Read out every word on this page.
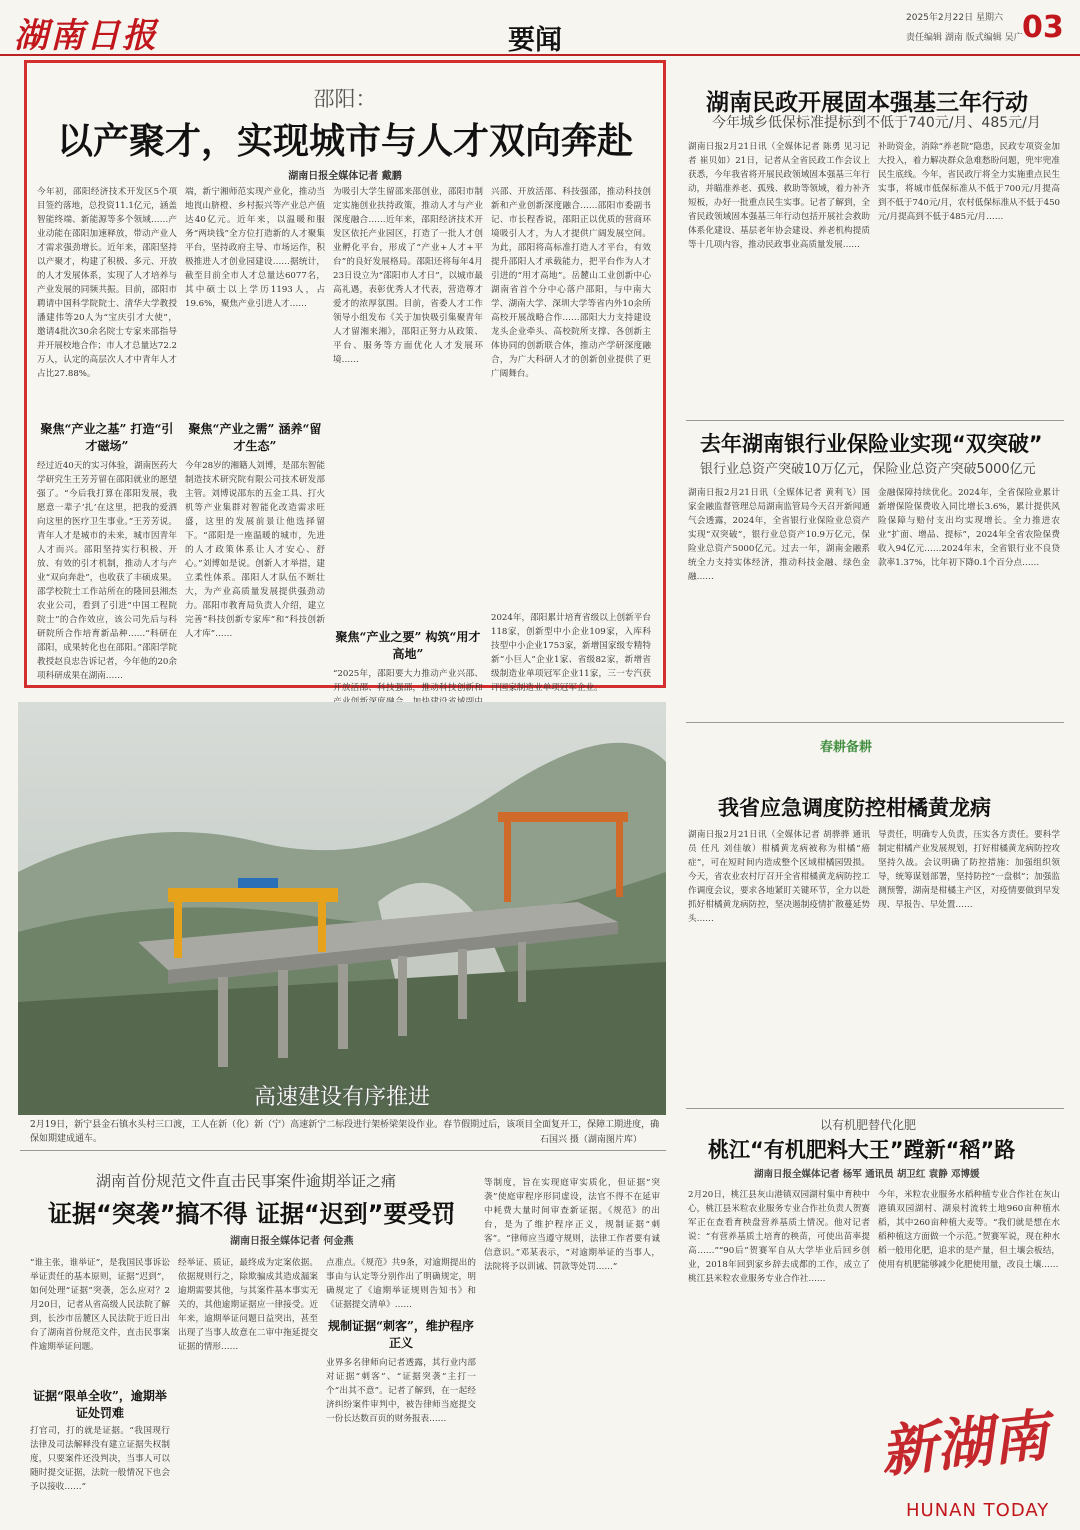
湖南日报	要闻
2025年2月22日 星期六
责任编辑 湖南 版式编辑 吴广 03
邵阳：
以产聚才，实现城市与人才双向奔赴
湖南日报全媒体记者 戴鹏
今年初，邵阳经济技术开发区5个项目签约落地，总投资11.1亿元，涵盖智能终端、新能源等多个领域……产业动能在邵阳加速释放，带动产业人才需求强劲增长。近年来，邵阳坚持以产聚才，构建了积极、多元、开放的人才发展体系，实现了人才培养与产业发展的同频共振。目前，邵阳市聘请中国科学院院士、清华大学教授潘建伟等20人为“宝庆引才大使”，邀请4批次30余名院士专家来邵指导并开展校地合作；市人才总量达72.2万人，认定的高层次人才中青年人才占比27.88%。
聚焦“产业之基” 打造“引才磁场”
经过近40天的实习体验，湖南医药大学研究生王芳芳留在邵阳就业的愿望强了。“今后我打算在邵阳发展，我愿意一辈子‘扎’在这里，把我的爱洒向这里的医疗卫生事业。”王芳芳说。青年人才是城市的未来，城市因青年人才而兴。邵阳坚持实行积极、开放、有效的引才机制，推动人才与产业“双向奔赴”，也收获了丰硕成果。邵学校院士工作站所在的隆回县湘杰农业公司，看到了引进“中国工程院院士”的合作效应，该公司先后与科研院所合作培育新品种……“科研在邵阳，成果转化也在邵阳。”邵阳学院教授赵良忠告诉记者，今年他的20余项科研成果在湖南……
端，新宁湘师范实现产业化，推动当地崀山脐橙、乡村振兴等产业总产值达40亿元。近年来，以温暖和服务“两块钱”全方位打造新的人才聚集平台，坚持政府主导、市场运作，积极推进人才创业园建设……据统计，截至目前全市人才总量达6077名，其中硕士以上学历1193人，占19.6%，聚焦产业引进人才……
聚焦“产业之需” 涵养“留才生态”
今年28岁的湘籍人刘博，是邵东智能制造技术研究院有限公司技术研发部主管。刘博说邵东的五金工具、打火机等产业集群对智能化改造需求旺盛，这里的发展前景让他选择留下。“邵阳是一座温暖的城市，先进的人才政策体系让人才安心、舒心。”刘博如是说。创新人才举措，建立柔性体系。邵阳人才队伍不断壮大，为产业高质量发展提供强劲动力。邵阳市教育局负责人介绍，建立完善“科技创新专家库”和“科技创新人才库”……
为吸引大学生留邵来邵创业，邵阳市制定实施创业扶持政策，推动人才与产业深度融合……近年来，邵阳经济技术开发区依托产业园区，打造了一批人才创业孵化平台，形成了“产业+人才+平台”的良好发展格局。邵阳还将每年4月23日设立为“邵阳市人才日”，以城市最高礼遇，表彰优秀人才代表，营造尊才爱才的浓厚氛围。目前，省委人才工作领导小组发布《关于加快吸引集聚青年人才留湘来湘》，邵阳正努力从政策、平台、服务等方面优化人才发展环境……
聚焦“产业之要” 构筑“用才高地”
“2025年，邵阳要大力推动产业兴邵、开放活邵、科技强邵，推动科技创新和
兴邵、开放活邵、科技强邵，推动科技创新和产业创新深度融合……邵阳市委副书记、市长程香说，邵阳正以优质的营商环境吸引人才，为人才提供广阔发展空间。为此，邵阳将高标准打造人才平台，有效提升邵阳人才承载能力，把平台作为人才引进的“用才高地”。岳麓山工业创新中心湖南省首个分中心落户邵阳，与中南大学、湖南大学、深圳大学等省内外10余所高校开展战略合作……邵阳大力支持建设龙头企业牵头、高校院所支撑、各创新主体协同的创新联合体，推动产学研深度融合，为广大科研人才的创新创业提供了更广阔舞台。
2024年，邵阳累计培育省级以上创新平台118家，创新型中小企业109家，入库科技型中小企业1753家，新增国家级专精特新“小巨人”企业1家、省级82家，新增省级制造业单项冠军企业11家，三一专汽获评国家制造业单项冠军企业。
湖南民政开展固本强基三年行动
今年城乡低保标准提标到不低于740元/月、485元/月
湖南日报2月21日讯（全媒体记者 陈勇 见习记者 崔贝如）21日，记者从全省民政工作会议上获悉，今年我省将开展民政领域固本强基三年行动，并瞄准养老、孤残、救助等领域，着力补齐短板，办好一批重点民生实事。记者了解到，全省民政领域固本强基三年行动包括开展社会救助体系化建设、基层老年协会建设、养老机构提质等十几项内容，推动民政事业高质量发展……
补助资金，消除“养老院”隐患，民政专项资金加大投入，着力解决群众急难愁盼问题，兜牢兜准民生底线。今年，省民政厅将全力实施重点民生实事，将城市低保标准从不低于700元/月提高到不低于740元/月，农村低保标准从不低于450元/月提高到不低于485元/月……
去年湖南银行业保险业实现“双突破”
银行业总资产突破10万亿元，保险业总资产突破5000亿元
湖南日报2月21日讯（全媒体记者 黄利飞）国家金融监督管理总局湖南监管局今天召开新闻通气会透露，2024年，全省银行业保险业总资产实现“双突破”，银行业总资产10.9万亿元，保险业总资产5000亿元。过去一年，湖南金融系统全力支持实体经济，推动科技金融、绿色金融……
金融保障持续优化。2024年，全省保险业累计新增保险保费收入同比增长3.6%，累计提供风险保障与赔付支出均实现增长。全力推进农业“扩面、增品、提标”，2024年全省农险保费收入94亿元……2024年末，全省银行业不良贷款率1.37%，比年初下降0.1个百分点……
春耕备耕
我省应急调度防控柑橘黄龙病
湖南日报2月21日讯（全媒体记者 胡骅骅 通讯员 任凡 刘佳敏）柑橘黄龙病被称为柑橘“癌症”，可在短时间内造成整个区域柑橘园毁损。今天，省农业农村厅召开全省柑橘黄龙病防控工作调度会议，要求各地紧盯关键环节，全力以赴抓好柑橘黄龙病防控，坚决遏制疫情扩散蔓延势头……
导责任，明确专人负责，压实各方责任。要科学制定柑橘产业发展规划，打好柑橘黄龙病防控攻坚持久战。会议明确了防控措施：加强组织领导，统筹谋划部署，坚持防控“一盘棋”；加强监测预警，湖南是柑橘主产区，对疫情要做到早发现、早报告、早处置……
以有机肥替代化肥
桃江“有机肥料大王”蹚新“稻”路
湖南日报全媒体记者 杨军 通讯员 胡卫红 袁静 邓博媛
2月20日，桃江县灰山港镇双园湖村集中育秧中心，桃江县米粒农业服务专业合作社负责人贺赛军正在查看育秧盘营养基质土情况。他对记者说：“有营养基质土培育的秧苗，可使出苗率提高……”“90后”贺赛军自从大学毕业后回乡创业，2018年回到家乡辞去成都的工作，成立了桃江县米粒农业服务专业合作社……
今年，米粒农业服务水稻种植专业合作社在灰山港镇双园湖村、湖泉村流转土地960亩种植水稻，其中260亩种植大麦等。“我们就是想在水稻种植这方面做一个示范。”贺赛军说，现在种水稻一般用化肥，追求的是产量，但土壤会板结，使用有机肥能够减少化肥使用量，改良土壤……
高速建设有序推进
2月19日，新宁县金石镇水头村三口渡，工人在新（化）新（宁）高速新宁二标段进行架桥梁架设作业。春节假期过后，该项目全面复开工，保障工期进度，确保如期建成通车。	石国兴 摄（湖南图片库）
湖南首份规范文件直击民事案件逾期举证之痛
证据“突袭”搞不得 证据“迟到”要受罚
湖南日报全媒体记者 何金燕
“谁主张，谁举证”，是我国民事诉讼举证责任的基本原则，证据“迟到”，如何处理“证据”突袭，怎么应对？2月20日，记者从省高级人民法院了解到，长沙市岳麓区人民法院于近日出台了湖南首份规范文件，直击民事案件逾期举证问题。
证据“限单全收”，逾期举证处罚难
打官司，打的就是证据。“我国现行法律及司法解释没有建立证据失权制度，只要案件还没判决，当事人可以随时提交证据，法院一般情况下也会予以接收……”
经举证、质证，最终成为定案依据。依据规则行之，除欺骗成其造成漏案逾期需要其他，与其案件基本事实无关的，其他逾期证据应一律接受。近年来，逾期举证问题日益突出，甚至出现了当事人故意在二审中拖延提交证据的情形……
点准点。《规范》共9条，对逾期提出的事由与认定等分别作出了明确规定，明确规定了《逾期举证规则告知书》和《证据提交清单》……
规制证据“刺客”，维护程序正义
业界多名律师向记者透露，其行业内部对证据“刺客”、“证据突袭”主打一个“出其不意”。记者了解到，在一起经济纠纷案件审判中，被告律师当庭提交一份长达数百页的财务报表……
等制度，旨在实现庭审实质化，但证据“突袭”使庭审程序形同虚设，法官不得不在延审中耗费大量时间审查新证据。《规范》的出台，是为了维护程序正义，规制证据“刺客”。“律师应当遵守规则，法律工作者要有诚信意识。”邓某表示，“对逾期举证的当事人，法院将予以训诫、罚款等处罚……”
新湖南
HUNAN TODAY
